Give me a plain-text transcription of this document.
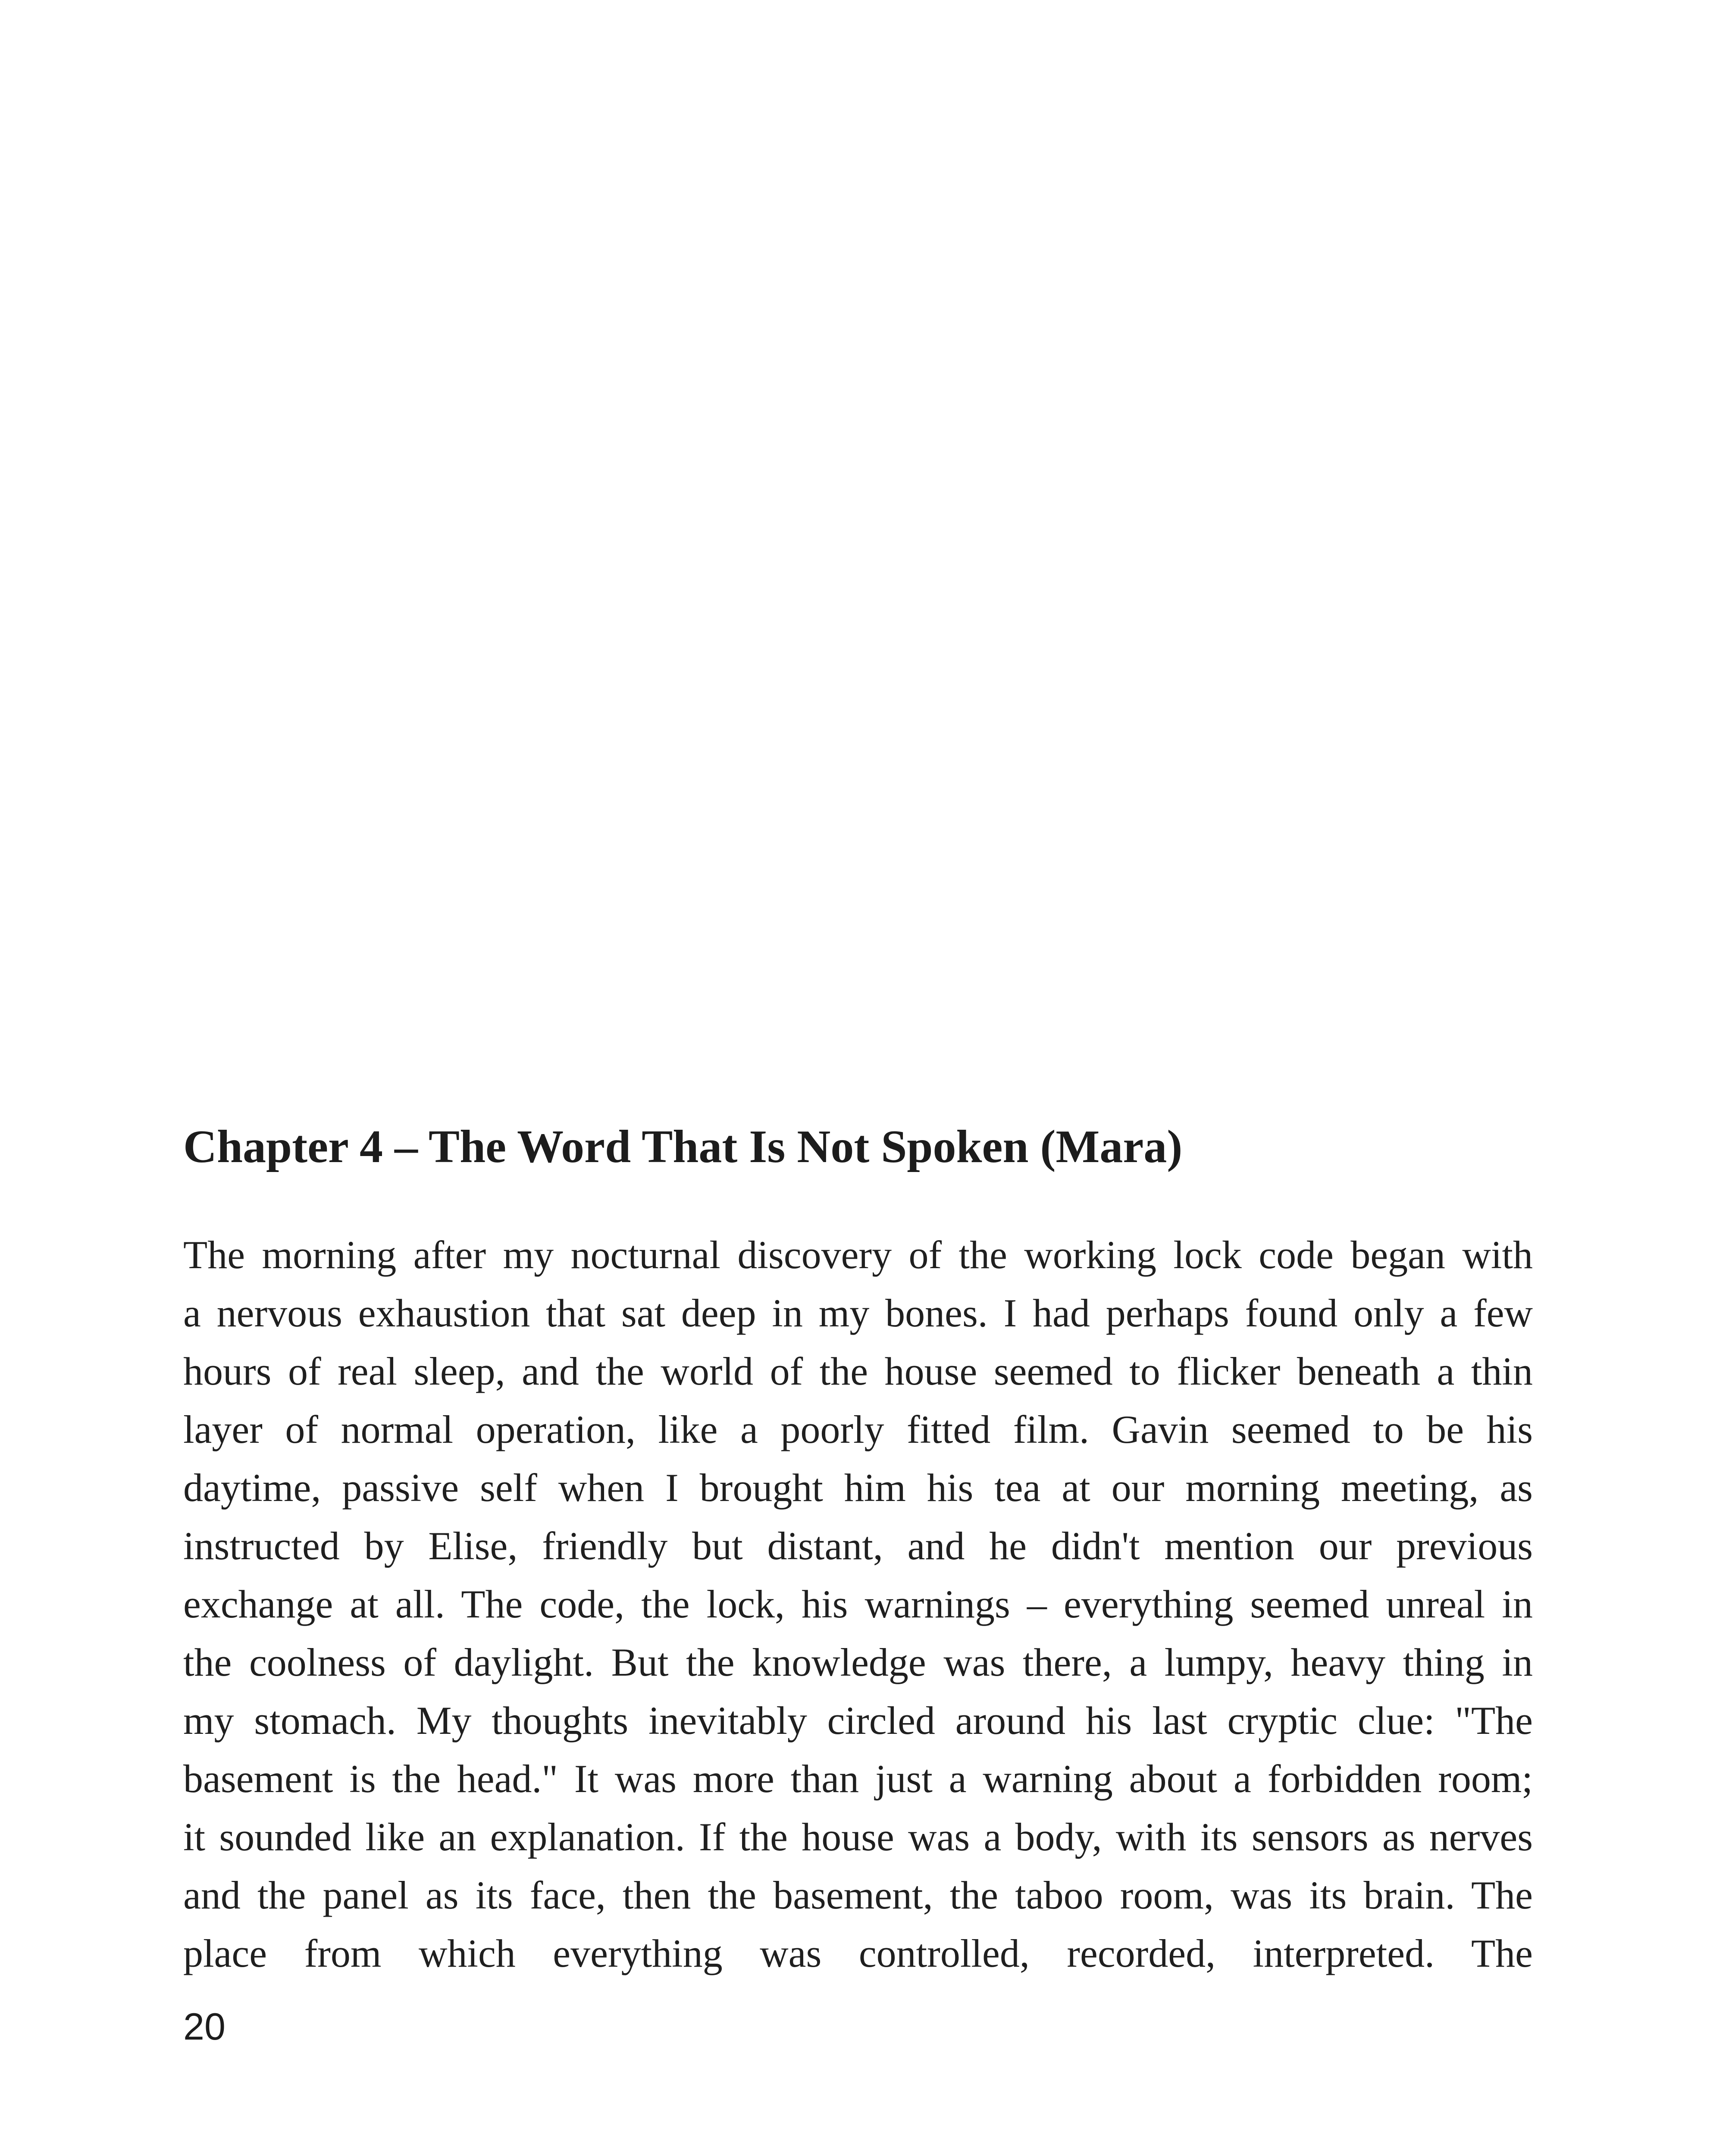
Chapter 4 – The Word That Is Not Spoken (Mara)
The morning after my nocturnal discovery of the working lock code began with
a nervous exhaustion that sat deep in my bones. I had perhaps found only a few
hours of real sleep, and the world of the house seemed to flicker beneath a thin
layer of normal operation, like a poorly fitted film. Gavin seemed to be his
daytime, passive self when I brought him his tea at our morning meeting, as
instructed by Elise, friendly but distant, and he didn't mention our previous
exchange at all. The code, the lock, his warnings – everything seemed unreal in
the coolness of daylight. But the knowledge was there, a lumpy, heavy thing in
my stomach. My thoughts inevitably circled around his last cryptic clue: "The
basement is the head." It was more than just a warning about a forbidden room;
it sounded like an explanation. If the house was a body, with its sensors as nerves
and the panel as its face, then the basement, the taboo room, was its brain. The
place from which everything was controlled, recorded, interpreted. The

20
